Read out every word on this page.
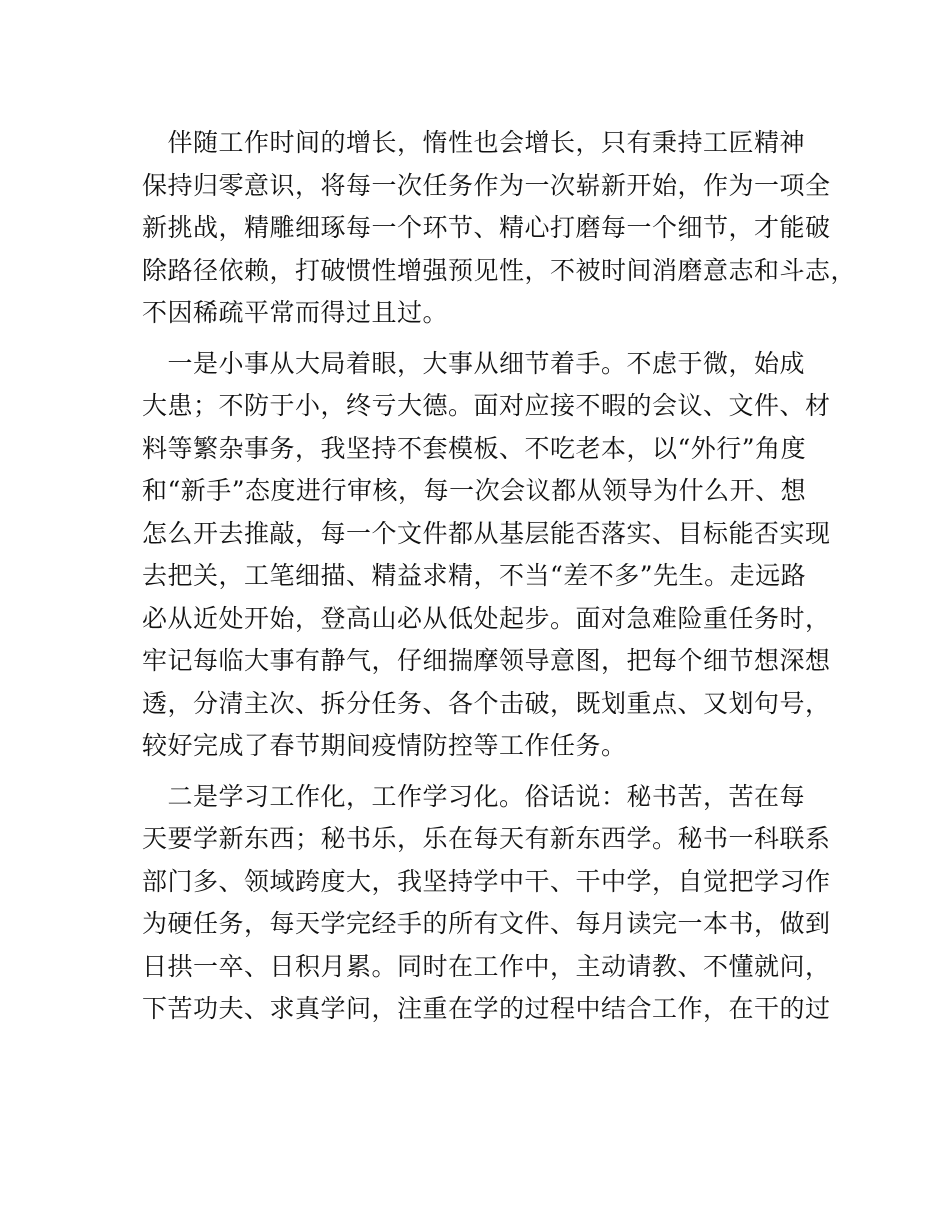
　伴随工作时间的增长，惰性也会增长，只有秉持工匠精神
保持归零意识，将每一次任务作为一次崭新开始，作为一项全
新挑战，精雕细琢每一个环节、精心打磨每一个细节，才能破
除路径依赖，打破惯性增强预见性，不被时间消磨意志和斗志，
不因稀疏平常而得过且过。
　一是小事从大局着眼，大事从细节着手。不虑于微，始成
大患；不防于小，终亏大德。面对应接不暇的会议、文件、材
料等繁杂事务，我坚持不套模板、不吃老本，以“外行”角度
和“新手”态度进行审核，每一次会议都从领导为什么开、想
怎么开去推敲，每一个文件都从基层能否落实、目标能否实现
去把关，工笔细描、精益求精，不当“差不多”先生。走远路
必从近处开始，登高山必从低处起步。面对急难险重任务时，
牢记每临大事有静气，仔细揣摩领导意图，把每个细节想深想
透，分清主次、拆分任务、各个击破，既划重点、又划句号，
较好完成了春节期间疫情防控等工作任务。
　二是学习工作化，工作学习化。俗话说：秘书苦，苦在每
天要学新东西；秘书乐，乐在每天有新东西学。秘书一科联系
部门多、领域跨度大，我坚持学中干、干中学，自觉把学习作
为硬任务，每天学完经手的所有文件、每月读完一本书，做到
日拱一卒、日积月累。同时在工作中，主动请教、不懂就问，
下苦功夫、求真学问，注重在学的过程中结合工作，在干的过
